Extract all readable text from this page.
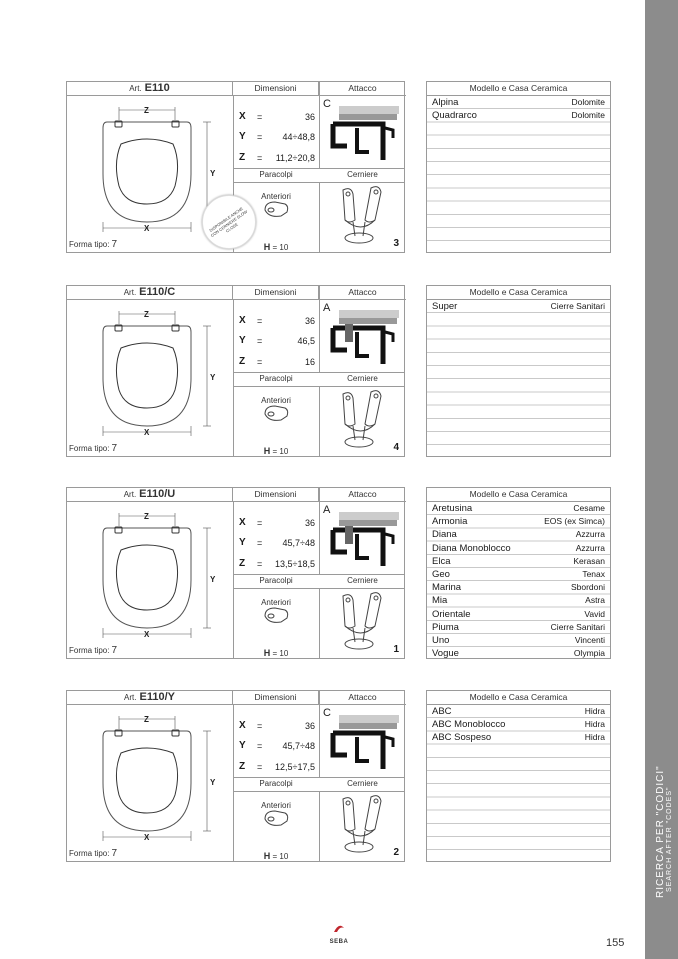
Art. E110	Dimensioni	Attacco
Z
X
Y
Forma tipo: 7
X =	36
Y = 44÷48,8
Z = 11,2÷20,8
C
Paracolpi	Cerniere
Anteriori
H = 10	3
DISPONIBILE ANCHE CON CERNIERE SLOW CLOSE
Modello e Casa Ceramica
Alpina	Dolomite
Quadrarco	Dolomite
Art. E110/C	Dimensioni	Attacco
Z
X
Y
Forma tipo: 7
X =	36
Y =	46,5
Z =	16
A
Paracolpi	Cerniere
Anteriori
H = 10	4
Modello e Casa Ceramica
Super	Cierre Sanitari
Art. E110/U	Dimensioni	Attacco
Z
X
Y
Forma tipo: 7
X =	36
Y = 45,7÷48
Z = 13,5÷18,5
A
Paracolpi	Cerniere
Anteriori
H = 10	1
Modello e Casa Ceramica
Aretusina	Cesame
Armonia	EOS (ex Simca)
Diana	Azzurra
Diana Monoblocco	Azzurra
Elca	Kerasan
Geo	Tenax
Marina	Sbordoni
Mia	Astra
Orientale	Vavid
Piuma	Cierre Sanitari
Uno	Vincenti
Vogue	Olympia
Art. E110/Y	Dimensioni	Attacco
Z
X
Y
Forma tipo: 7
X =	36
Y = 45,7÷48
Z = 12,5÷17,5
C
Paracolpi	Cerniere
Anteriori
H = 10	2
Modello e Casa Ceramica
ABC	Hidra
ABC Monoblocco	Hidra
ABC Sospeso	Hidra
RICERCA PER "CODICI" SEARCH AFTER "CODES"
SEBA	155
